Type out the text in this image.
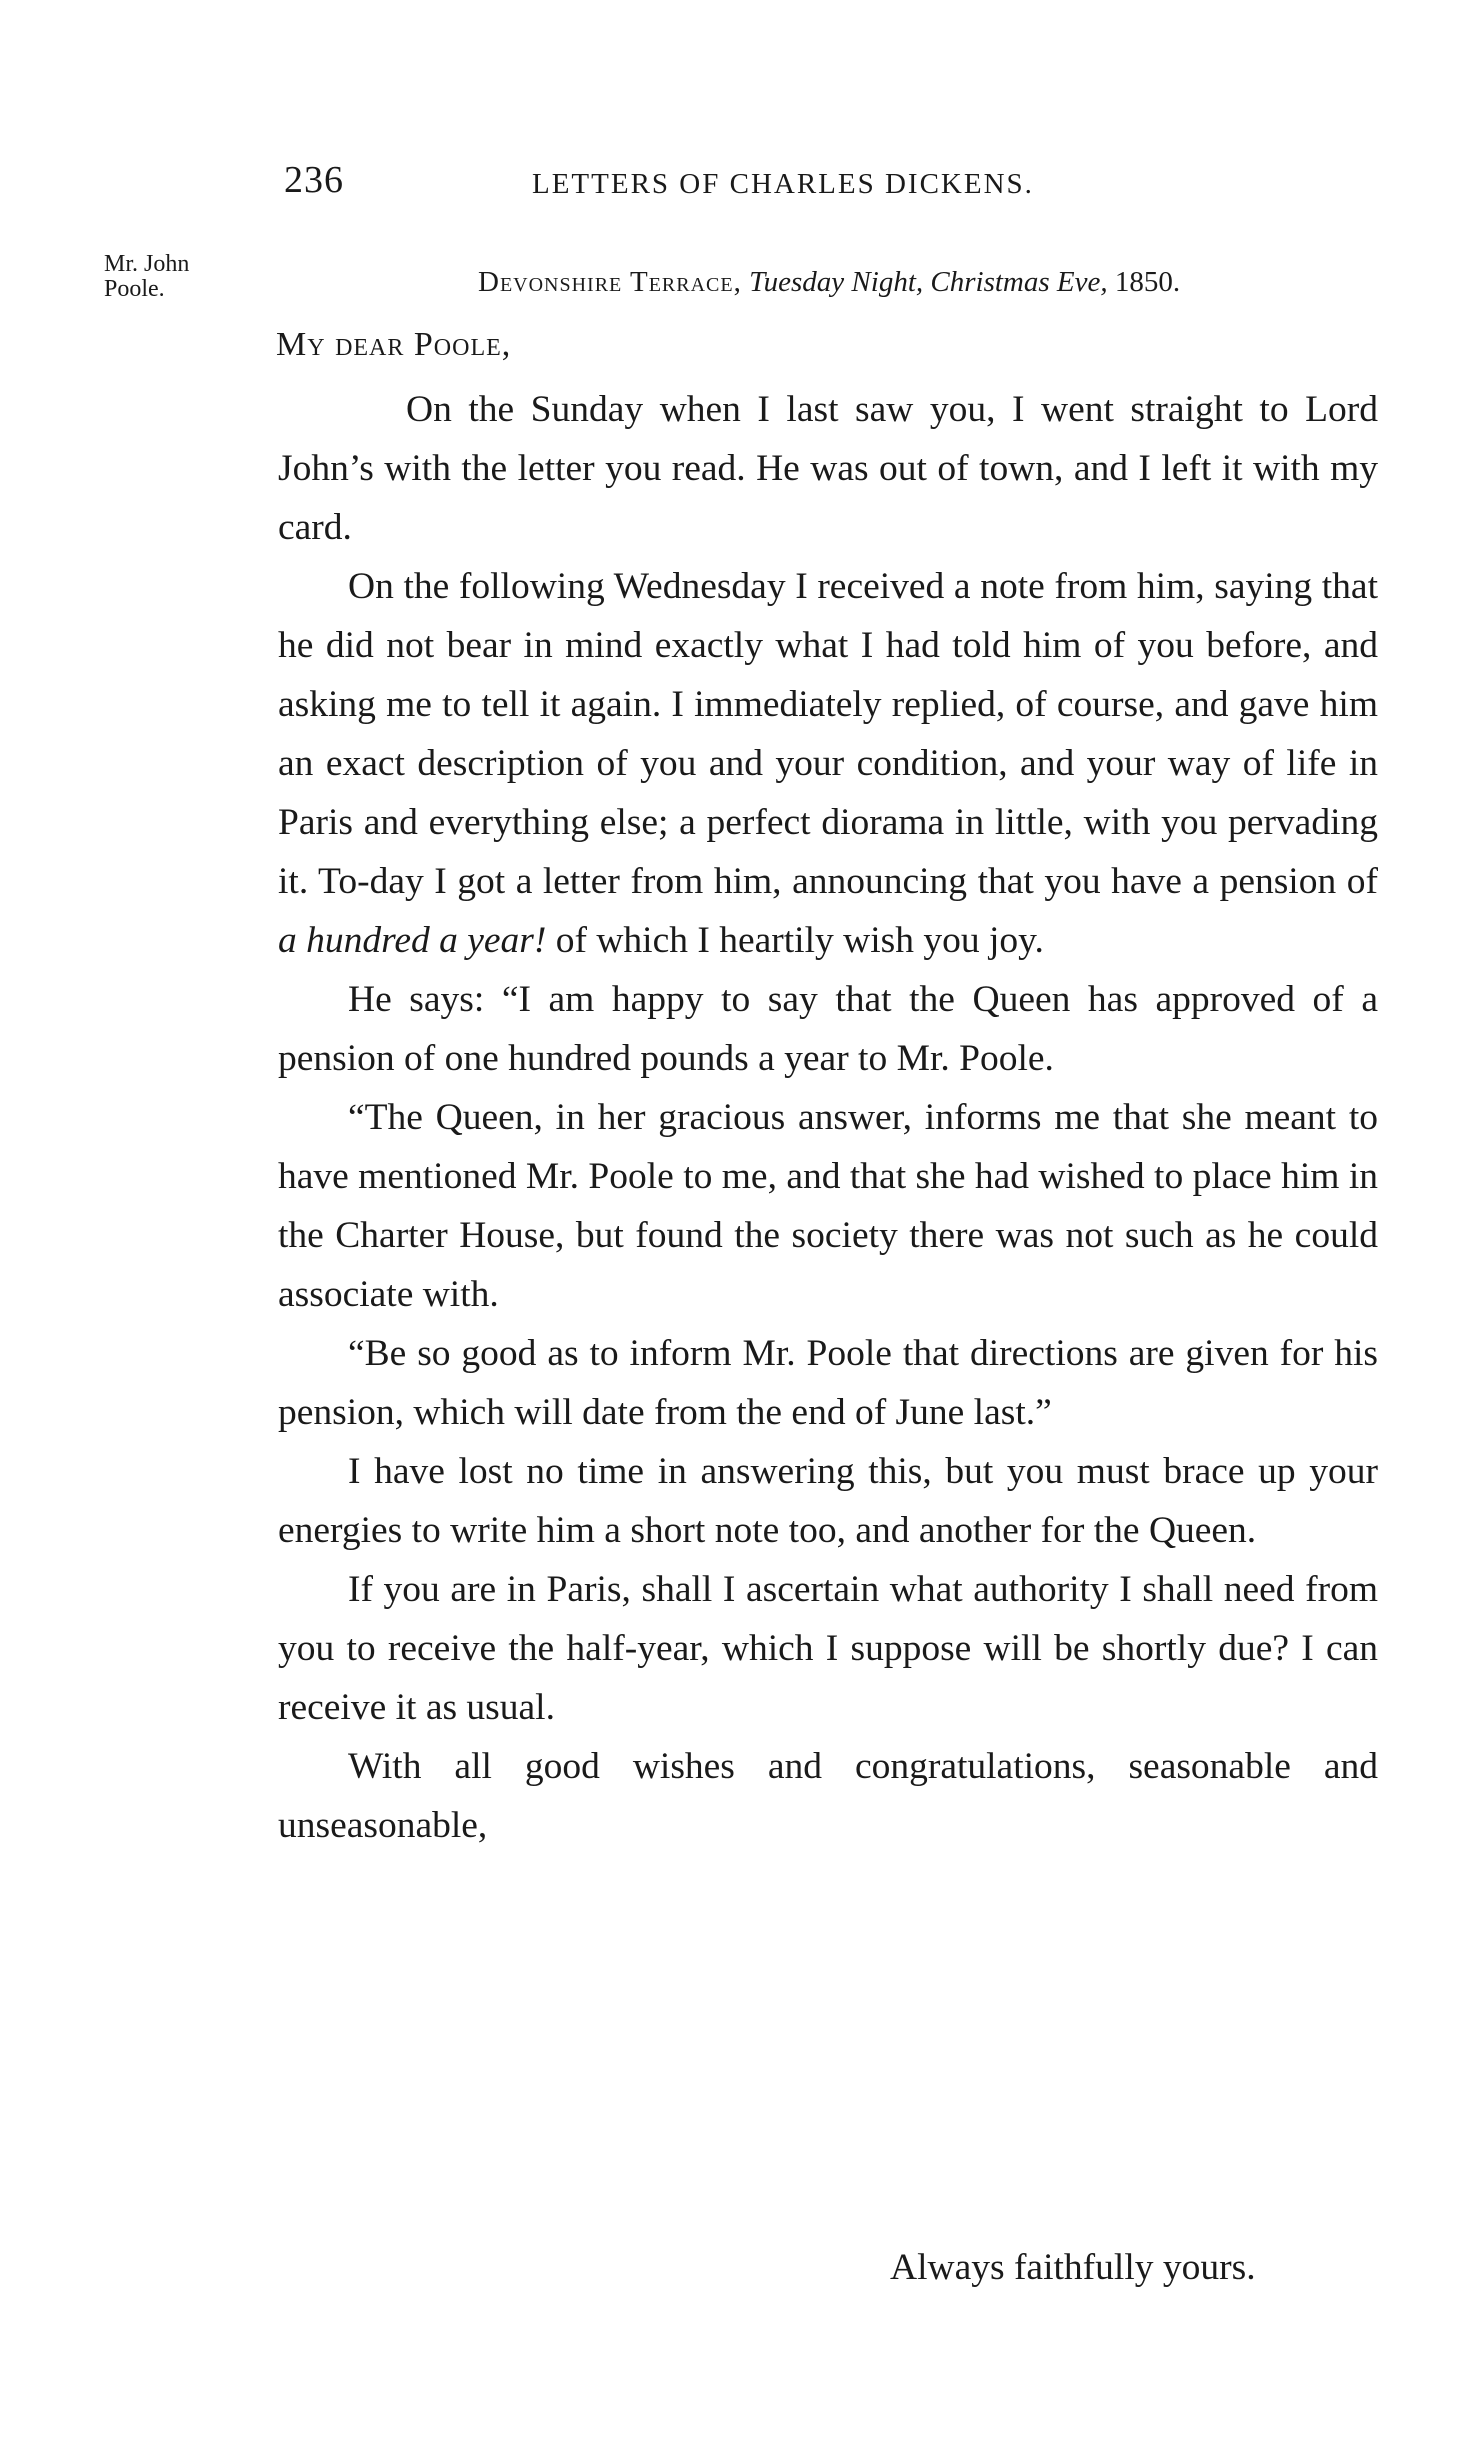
236	LETTERS OF CHARLES DICKENS.
Mr. John
Poole.	Devonshire Terrace, Tuesday Night, Christmas Eve, 1850.
My dear Poole,

On the Sunday when I last saw you, I went straight to Lord John’s with the letter you read. He was out of town, and I left it with my card.

On the following Wednesday I received a note from him, saying that he did not bear in mind exactly what I had told him of you before, and asking me to tell it again. I immediately replied, of course, and gave him an exact description of you and your condition, and your way of life in Paris and everything else; a perfect diorama in little, with you pervading it. To-day I got a letter from him, announcing that you have a pension of a hundred a year! of which I heartily wish you joy.

He says: “I am happy to say that the Queen has approved of a pension of one hundred pounds a year to Mr. Poole.

“The Queen, in her gracious answer, informs me that she meant to have mentioned Mr. Poole to me, and that she had wished to place him in the Charter House, but found the society there was not such as he could associate with.

“Be so good as to inform Mr. Poole that directions are given for his pension, which will date from the end of June last.”

I have lost no time in answering this, but you must brace up your energies to write him a short note too, and another for the Queen.

If you are in Paris, shall I ascertain what authority I shall need from you to receive the half-year, which I suppose will be shortly due? I can receive it as usual.

With all good wishes and congratulations, seasonable and unseasonable,

Always faithfully yours.
